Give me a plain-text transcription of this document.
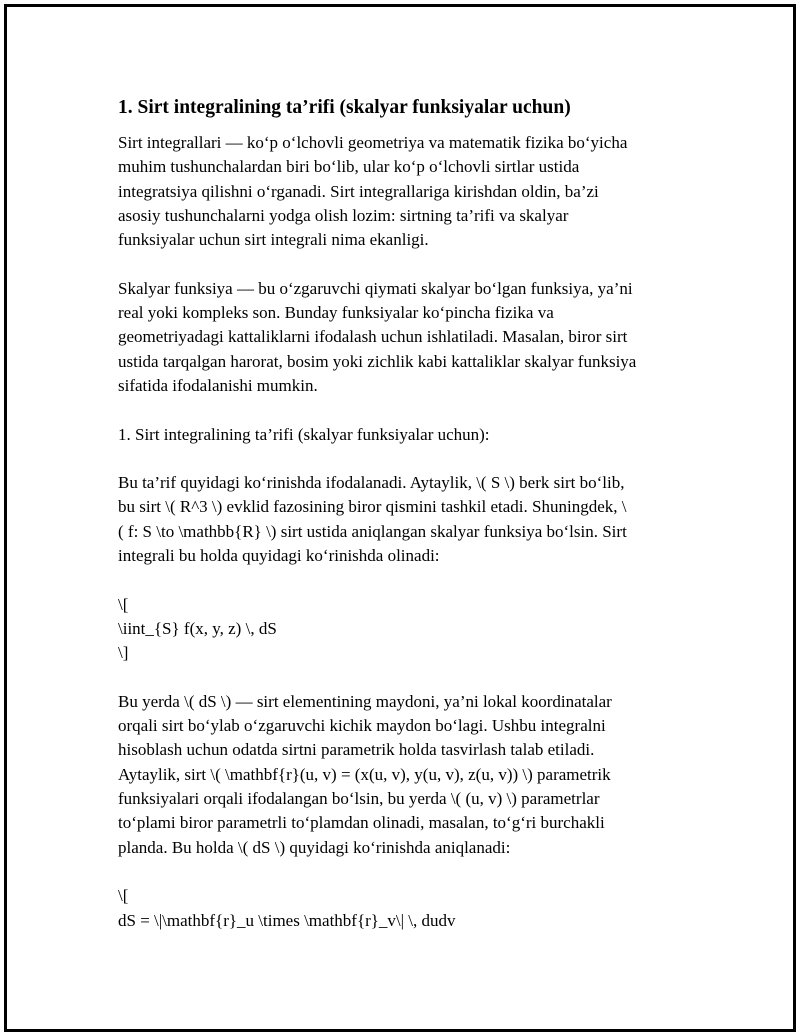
1. Sirt integralining ta’rifi (skalyar funksiyalar uchun)
Sirt integrallari — ko‘p o‘lchovli geometriya va matematik fizika bo‘yicha
muhim tushunchalardan biri bo‘lib, ular ko‘p o‘lchovli sirtlar ustida
integratsiya qilishni o‘rganadi. Sirt integrallariga kirishdan oldin, ba’zi
asosiy tushunchalarni yodga olish lozim: sirtning ta’rifi va skalyar
funksiyalar uchun sirt integrali nima ekanligi.
Skalyar funksiya — bu o‘zgaruvchi qiymati skalyar bo‘lgan funksiya, ya’ni
real yoki kompleks son. Bunday funksiyalar ko‘pincha fizika va
geometriyadagi kattaliklarni ifodalash uchun ishlatiladi. Masalan, biror sirt
ustida tarqalgan harorat, bosim yoki zichlik kabi kattaliklar skalyar funksiya
sifatida ifodalanishi mumkin.
1. Sirt integralining ta’rifi (skalyar funksiyalar uchun):
Bu ta’rif quyidagi ko‘rinishda ifodalanadi. Aytaylik, \( S \) berk sirt bo‘lib,
bu sirt \( R^3 \) evklid fazosining biror qismini tashkil etadi. Shuningdek, \
( f: S \to \mathbb{R} \) sirt ustida aniqlangan skalyar funksiya bo‘lsin. Sirt
integrali bu holda quyidagi ko‘rinishda olinadi:
\[
\iint_{S} f(x, y, z) \, dS
\]
Bu yerda \( dS \) — sirt elementining maydoni, ya’ni lokal koordinatalar
orqali sirt bo‘ylab o‘zgaruvchi kichik maydon bo‘lagi. Ushbu integralni
hisoblash uchun odatda sirtni parametrik holda tasvirlash talab etiladi.
Aytaylik, sirt \( \mathbf{r}(u, v) = (x(u, v), y(u, v), z(u, v)) \) parametrik
funksiyalari orqali ifodalangan bo‘lsin, bu yerda \( (u, v) \) parametrlar
to‘plami biror parametrli to‘plamdan olinadi, masalan, to‘g‘ri burchakli
planda. Bu holda \( dS \) quyidagi ko‘rinishda aniqlanadi:
\[
dS = \|\mathbf{r}_u \times \mathbf{r}_v\| \, dudv
